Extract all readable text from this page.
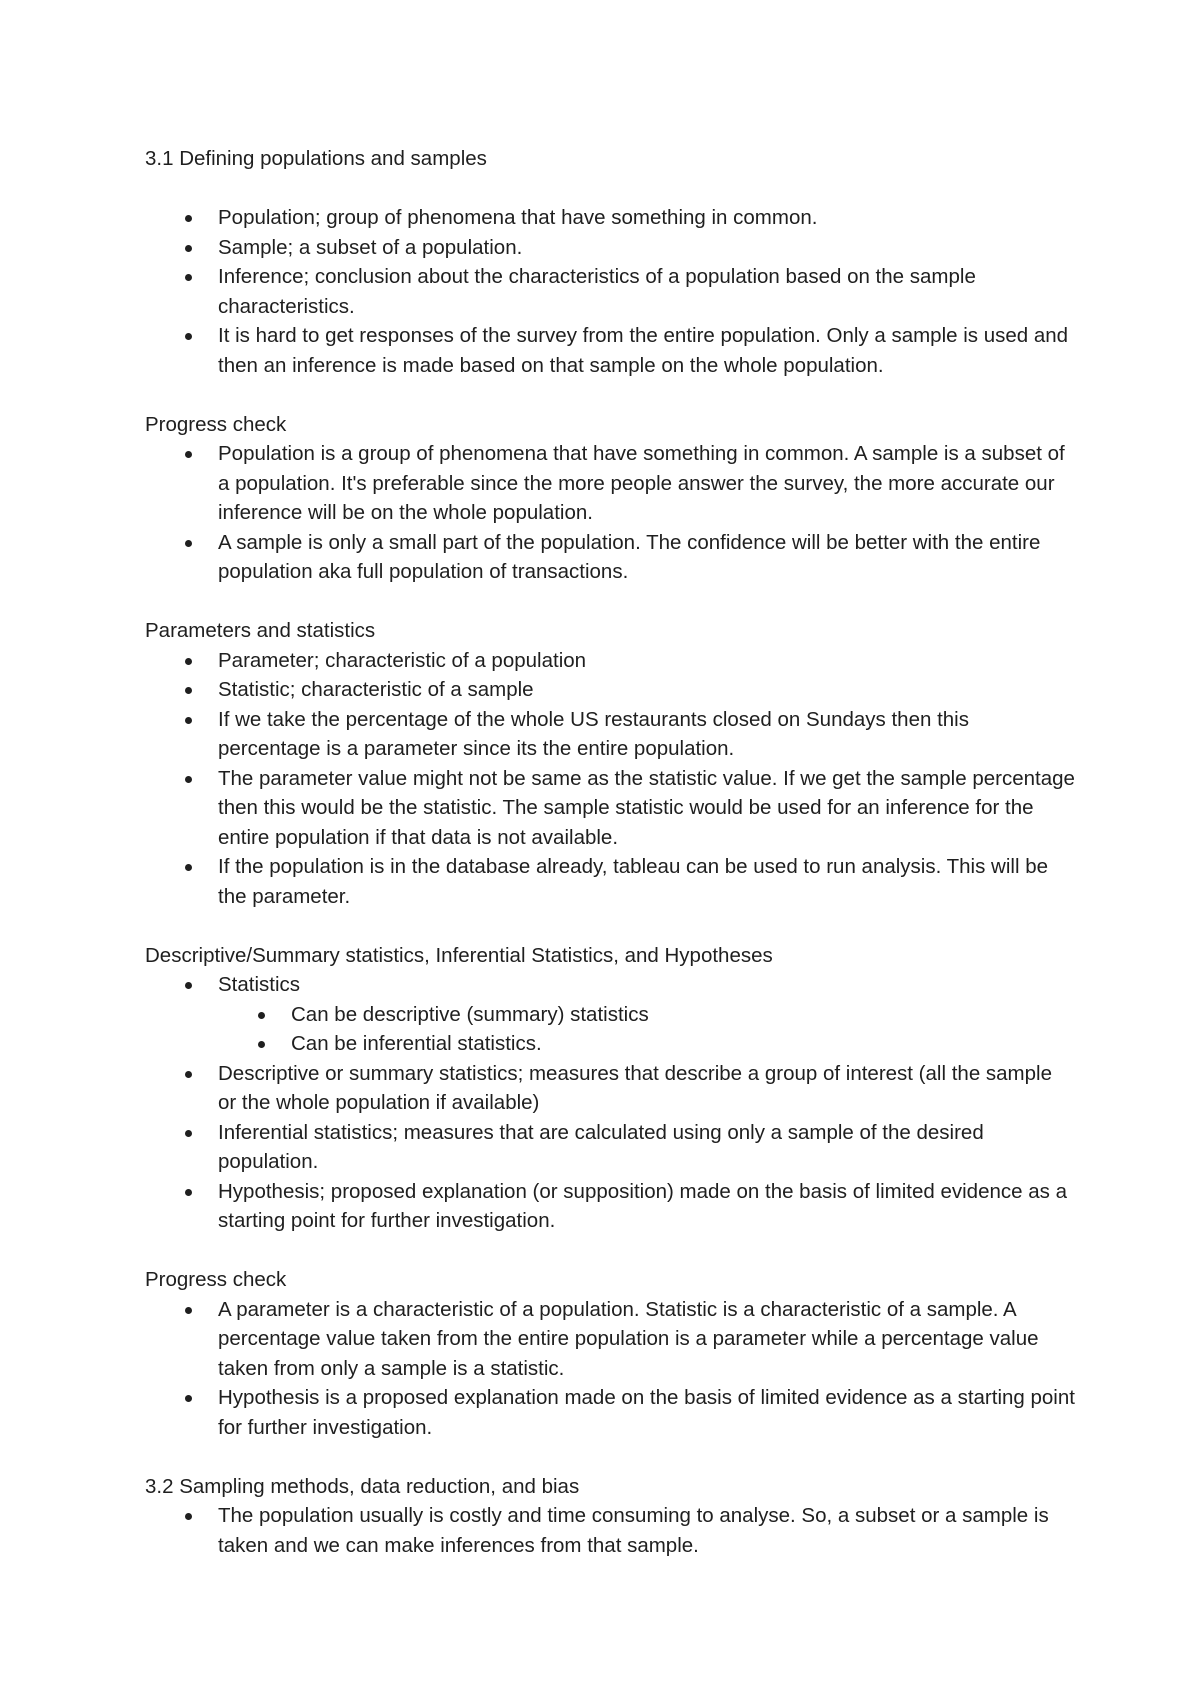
3.1 Defining populations and samples

Population; group of phenomena that have something in common.
Sample; a subset of a population.
Inference; conclusion about the characteristics of a population based on the sample characteristics.
It is hard to get responses of the survey from the entire population. Only a sample is used and then an inference is made based on that sample on the whole population.

Progress check

Population is a group of phenomena that have something in common. A sample is a subset of a population. It's preferable since the more people answer the survey, the more accurate our inference will be on the whole population.
A sample is only a small part of the population. The confidence will be better with the entire population aka full population of transactions.

Parameters and statistics

Parameter; characteristic of a population
Statistic; characteristic of a sample
If we take the percentage of the whole US restaurants closed on Sundays then this percentage is a parameter since its the entire population.
The parameter value might not be same as the statistic value. If we get the sample percentage then this would be the statistic. The sample statistic would be used for an inference for the entire population if that data is not available.
If the population is in the database already, tableau can be used to run analysis. This will be the parameter.

Descriptive/Summary statistics, Inferential Statistics, and Hypotheses

Statistics
Can be descriptive (summary) statistics
Can be inferential statistics.
Descriptive or summary statistics; measures that describe a group of interest (all the sample or the whole population if available)
Inferential statistics; measures that are calculated using only a sample of the desired population.
Hypothesis; proposed explanation (or supposition) made on the basis of limited evidence as a starting point for further investigation.

Progress check

A parameter is a characteristic of a population. Statistic is a characteristic of a sample. A percentage value taken from the entire population is a parameter while a percentage value taken from only a sample is a statistic.
Hypothesis is a proposed explanation made on the basis of limited evidence as a starting point for further investigation.

3.2 Sampling methods, data reduction, and bias

The population usually is costly and time consuming to analyse. So, a subset or a sample is taken and we can make inferences from that sample.
